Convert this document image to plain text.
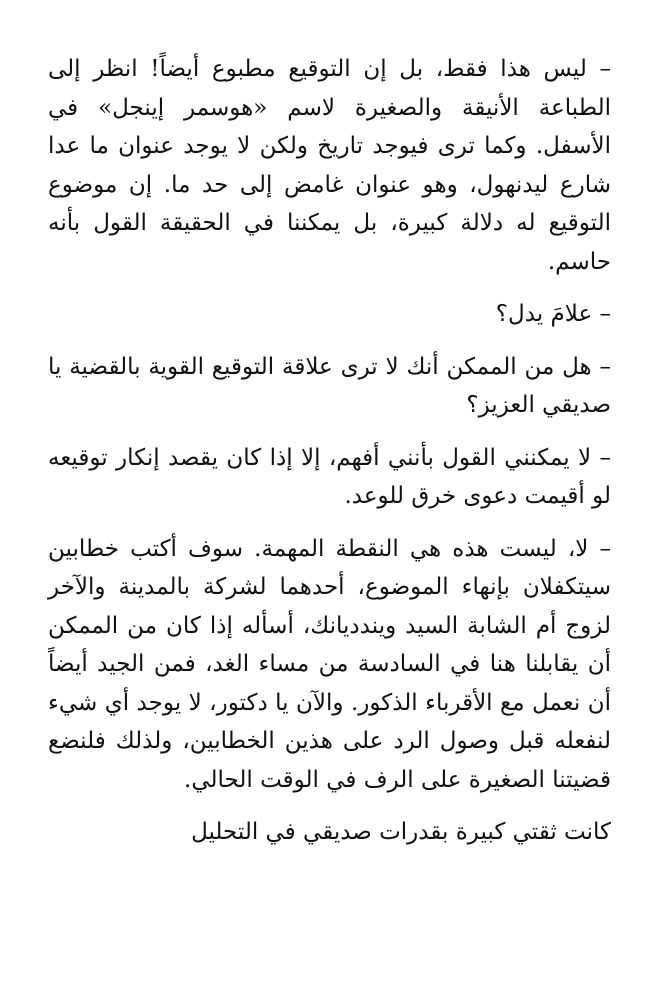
– ليس هذا فقط، بل إن التوقيع مطبوع أيضاً! انظر إلى الطباعة الأنيقة والصغيرة لاسم «هوسمر إينجل» في الأسفل. وكما ترى فيوجد تاريخ ولكن لا يوجد عنوان ما عدا شارع ليدنهول، وهو عنوان غامض إلى حد ما. إن موضوع التوقيع له دلالة كبيرة، بل يمكننا في الحقيقة القول بأنه حاسم.

– علامَ يدل؟

– هل من الممكن أنك لا ترى علاقة التوقيع القوية بالقضية يا صديقي العزيز؟

– لا يمكنني القول بأنني أفهم، إلا إذا كان يقصد إنكار توقيعه لو أقيمت دعوى خرق للوعد.

– لا، ليست هذه هي النقطة المهمة. سوف أكتب خطابين سيتكفلان بإنهاء الموضوع، أحدهما لشركة بالمدينة والآخر لزوج أم الشابة السيد ويندديانك، أسأله إذا كان من الممكن أن يقابلنا هنا في السادسة من مساء الغد، فمن الجيد أيضاً أن نعمل مع الأقرباء الذكور. والآن يا دكتور، لا يوجد أي شيء لنفعله قبل وصول الرد على هذين الخطابين، ولذلك فلنضع قضيتنا الصغيرة على الرف في الوقت الحالي.

كانت ثقتي كبيرة بقدرات صديقي في التحليل
